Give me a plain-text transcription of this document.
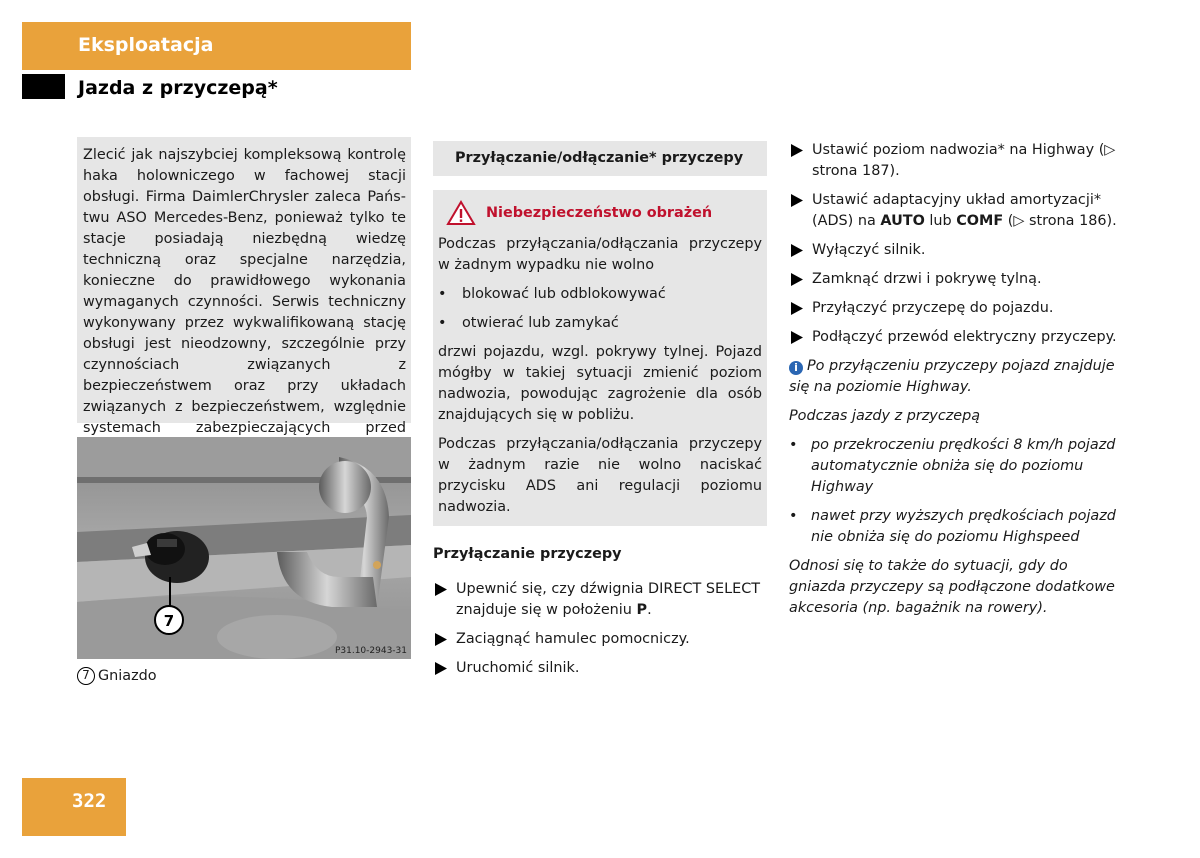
Eksploatacja
Jazda z przyczepą*
Zlecić jak najszybciej kompleksową kontrolę haka holowniczego w fachowej stacji obsługi. Firma DaimlerChrysler zaleca Państwu ASO Mercedes-Benz, ponieważ tylko te stacje posiadają niezbędną wiedzę techniczną oraz specjalne narzędzia, konieczne do prawidłowego wykonania wymaganych czynności. Serwis techniczny wykonywany przez wykwalifikowaną stację obsługi jest nieodzowny, szczególnie przy czynnościach związanych z bezpieczeństwem oraz przy układach związanych z bezpieczeństwem, względnie systemach zabezpieczających przed
7
P31.10-2943-31
7 Gniazdo
Przyłączanie/odłączanie* przyczepy
Niebezpieczeństwo obrażeń
Podczas przyłączania/odłączania przyczepy w żadnym wypadku nie wolno
•	blokować lub odblokowywać
•	otwierać lub zamykać
drzwi pojazdu, wzgl. pokrywy tylnej. Pojazd mógłby w takiej sytuacji zmienić poziom nadwozia, powodując zagrożenie dla osób znajdujących się w pobliżu.
Podczas przyłączania/odłączania przyczepy w żadnym razie nie wolno naciskać przycisku ADS ani regulacji poziomu nadwozia.
Przyłączanie przyczepy
Upewnić się, czy dźwignia DIRECT SELECT znajduje się w położeniu P.
Zaciągnąć hamulec pomocniczy.
Uruchomić silnik.
Ustawić poziom nadwozia* na Highway (▷ strona 187).
Ustawić adaptacyjny układ amortyzacji* (ADS) na AUTO lub COMF (▷ strona 186).
Wyłączyć silnik.
Zamknąć drzwi i pokrywę tylną.
Przyłączyć przyczepę do pojazdu.
Podłączyć przewód elektryczny przyczepy.
i Po przyłączeniu przyczepy pojazd znajduje się na poziomie Highway.
Podczas jazdy z przyczepą
• po przekroczeniu prędkości 8 km/h pojazd automatycznie obniża się do poziomu Highway
• nawet przy wyższych prędkościach pojazd nie obniża się do poziomu Highspeed
Odnosi się to także do sytuacji, gdy do gniazda przyczepy są podłączone dodatkowe akcesoria (np. bagażnik na rowery).
322
